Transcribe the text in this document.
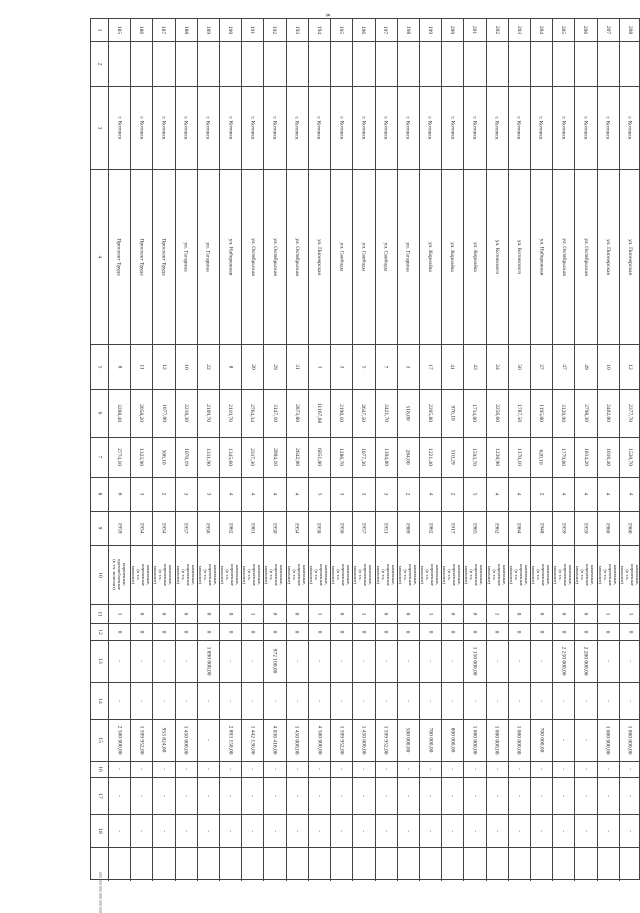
8
000 000 000 000 000 000
1
2
3
4
5
6
7
8
9
10
11
12
13
14
15
16
17
18
185
г. Котовск
Проспект Труда
8
3208,40
2774,10
6
1959
кирпичные, крупноблочные (в т.ч. монолит)
1
0
-
-
2 500 000,00
-
-
-
186
г. Котовск
Проспект Труда
11
2058,20
1323,90
3
1954
каменные, кирпичные (в т.ч. монолит)
0
0
-
-
1 599 952,00
-
-
-
187
г. Котовск
Проспект Труда
12
1077,00
506,10
2
1954
каменные, кирпичные (в т.ч. монолит)
0
0
-
-
953 824,00
-
-
-
188
г. Котовск
ул. Гагарина
10
2218,30
1070,19
3
1957
каменные, кирпичные (в т.ч. монолит)
0
0
-
-
1 450 000,00
-
-
-
189
г. Котовск
ул. Гагарина
22
2109,70
1311,90
3
1956
каменные, кирпичные (в т.ч. монолит)
0
0
1 890 000,00
-
-
-
-
-
190
г. Котовск
ул. Набережная
8
2119,70
1345,60
4
1962
каменные, кирпичные (в т.ч. монолит)
0
0
-
-
2 893 158,00
-
-
-
191
г. Котовск
ул. Октябрьская
20
2764,34
2317,30
4
1961
каменные, кирпичные (в т.ч. монолит)
1
0
-
-
1 442 136,00
-
-
-
192
г. Котовск
ул. Октябрьская
29
3147,10
2094,10
4
1950
каменные, кирпичные (в т.ч. монолит)
0
0
972 100,00
-
4 036 418,00
-
-
-
193
г. Котовск
ул. Октябрьская
31
2873,80
2642,00
4
1954
каменные, кирпичные (в т.ч. монолит)
0
0
-
-
1 450 000,00
-
-
-
194
г. Котовск
ул. Пионерская
1
11167,68
6051,00
5
1958
каменные, кирпичные (в т.ч. монолит)
1
0
-
-
4 500 000,00
-
-
-
195
г. Котовск
ул. Свободы
3
2190,10
1286,70
3
1956
каменные, кирпичные (в т.ч. монолит)
0
0
-
-
1 599 952,00
-
-
-
196
г. Котовск
ул. Свободы
5
2647,50
1077,30
3
1957
каменные, кирпичные (в т.ч. монолит)
1
0
-
-
1 450 000,00
-
-
-
197
г. Котовск
ул. Свободы
7
2421,70
1394,00
3
1951
каменные, кирпичные (в т.ч. монолит)
0
0
-
-
1 599 952,00
-
-
-
198
г. Котовск
ул. Гагарина
3
518,00
284,00
2
1989
каменные, кирпичные (в т.ч. монолит)
0
0
-
-
500 000,00
-
-
-
199
г. Котовск
ул. Королёва
17
2395,80
1221,40
4
1962
каменные, кирпичные (в т.ч. монолит)
1
0
-
-
700 000,00
-
-
-
200
г. Котовск
ул. Королёва
41
976,10
510,29
2
1917
каменные, кирпичные (в т.ч. монолит)
0
0
-
-
800 000,00
-
-
-
201
г. Котовск
ул. Королёва
43
1714,00
1593,70
5
1965
каменные, кирпичные (в т.ч. монолит)
0
0
1 150 000,00
-
1 000 000,00
-
-
-
202
г. Котовск
ул. Котовского
24
2256,60
1230,90
4
1962
каменные, кирпичные (в т.ч. монолит)
1
0
-
-
1 000 000,00
-
-
-
203
г. Котовск
ул. Котовского
50
1787,50
1170,10
4
1964
каменные, кирпичные (в т.ч. монолит)
0
0
-
-
1 000 000,00
-
-
-
204
г. Котовск
ул. Набережная
27
1195,80
620,10
2
1948
каменные, кирпичные (в т.ч. монолит)
0
0
-
-
700 000,00
-
-
-
205
г. Котовск
ул. Октябрьская
47
3120,90
1779,00
4
1959
каменные, кирпичные (в т.ч. монолит)
0
0
2 250 000,00
-
-
-
-
-
206
г. Котовск
ул. Октябрьская
49
2798,30
1814,20
4
1959
каменные, кирпичные (в т.ч. монолит)
0
0
2 200 000,00
-
-
-
-
-
207
г. Котовск
ул. Пионерская
10
2402,00
1616,40
4
1960
каменные, кирпичные (в т.ч. монолит)
1
0
-
-
1 000 000,00
-
-
-
208
г. Котовск
ул. Пионерская
12
2377,70
1520,70
4
1960
каменные, кирпичные (в т.ч. монолит)
1
0
-
-
1 000 000,00
-
-
-
